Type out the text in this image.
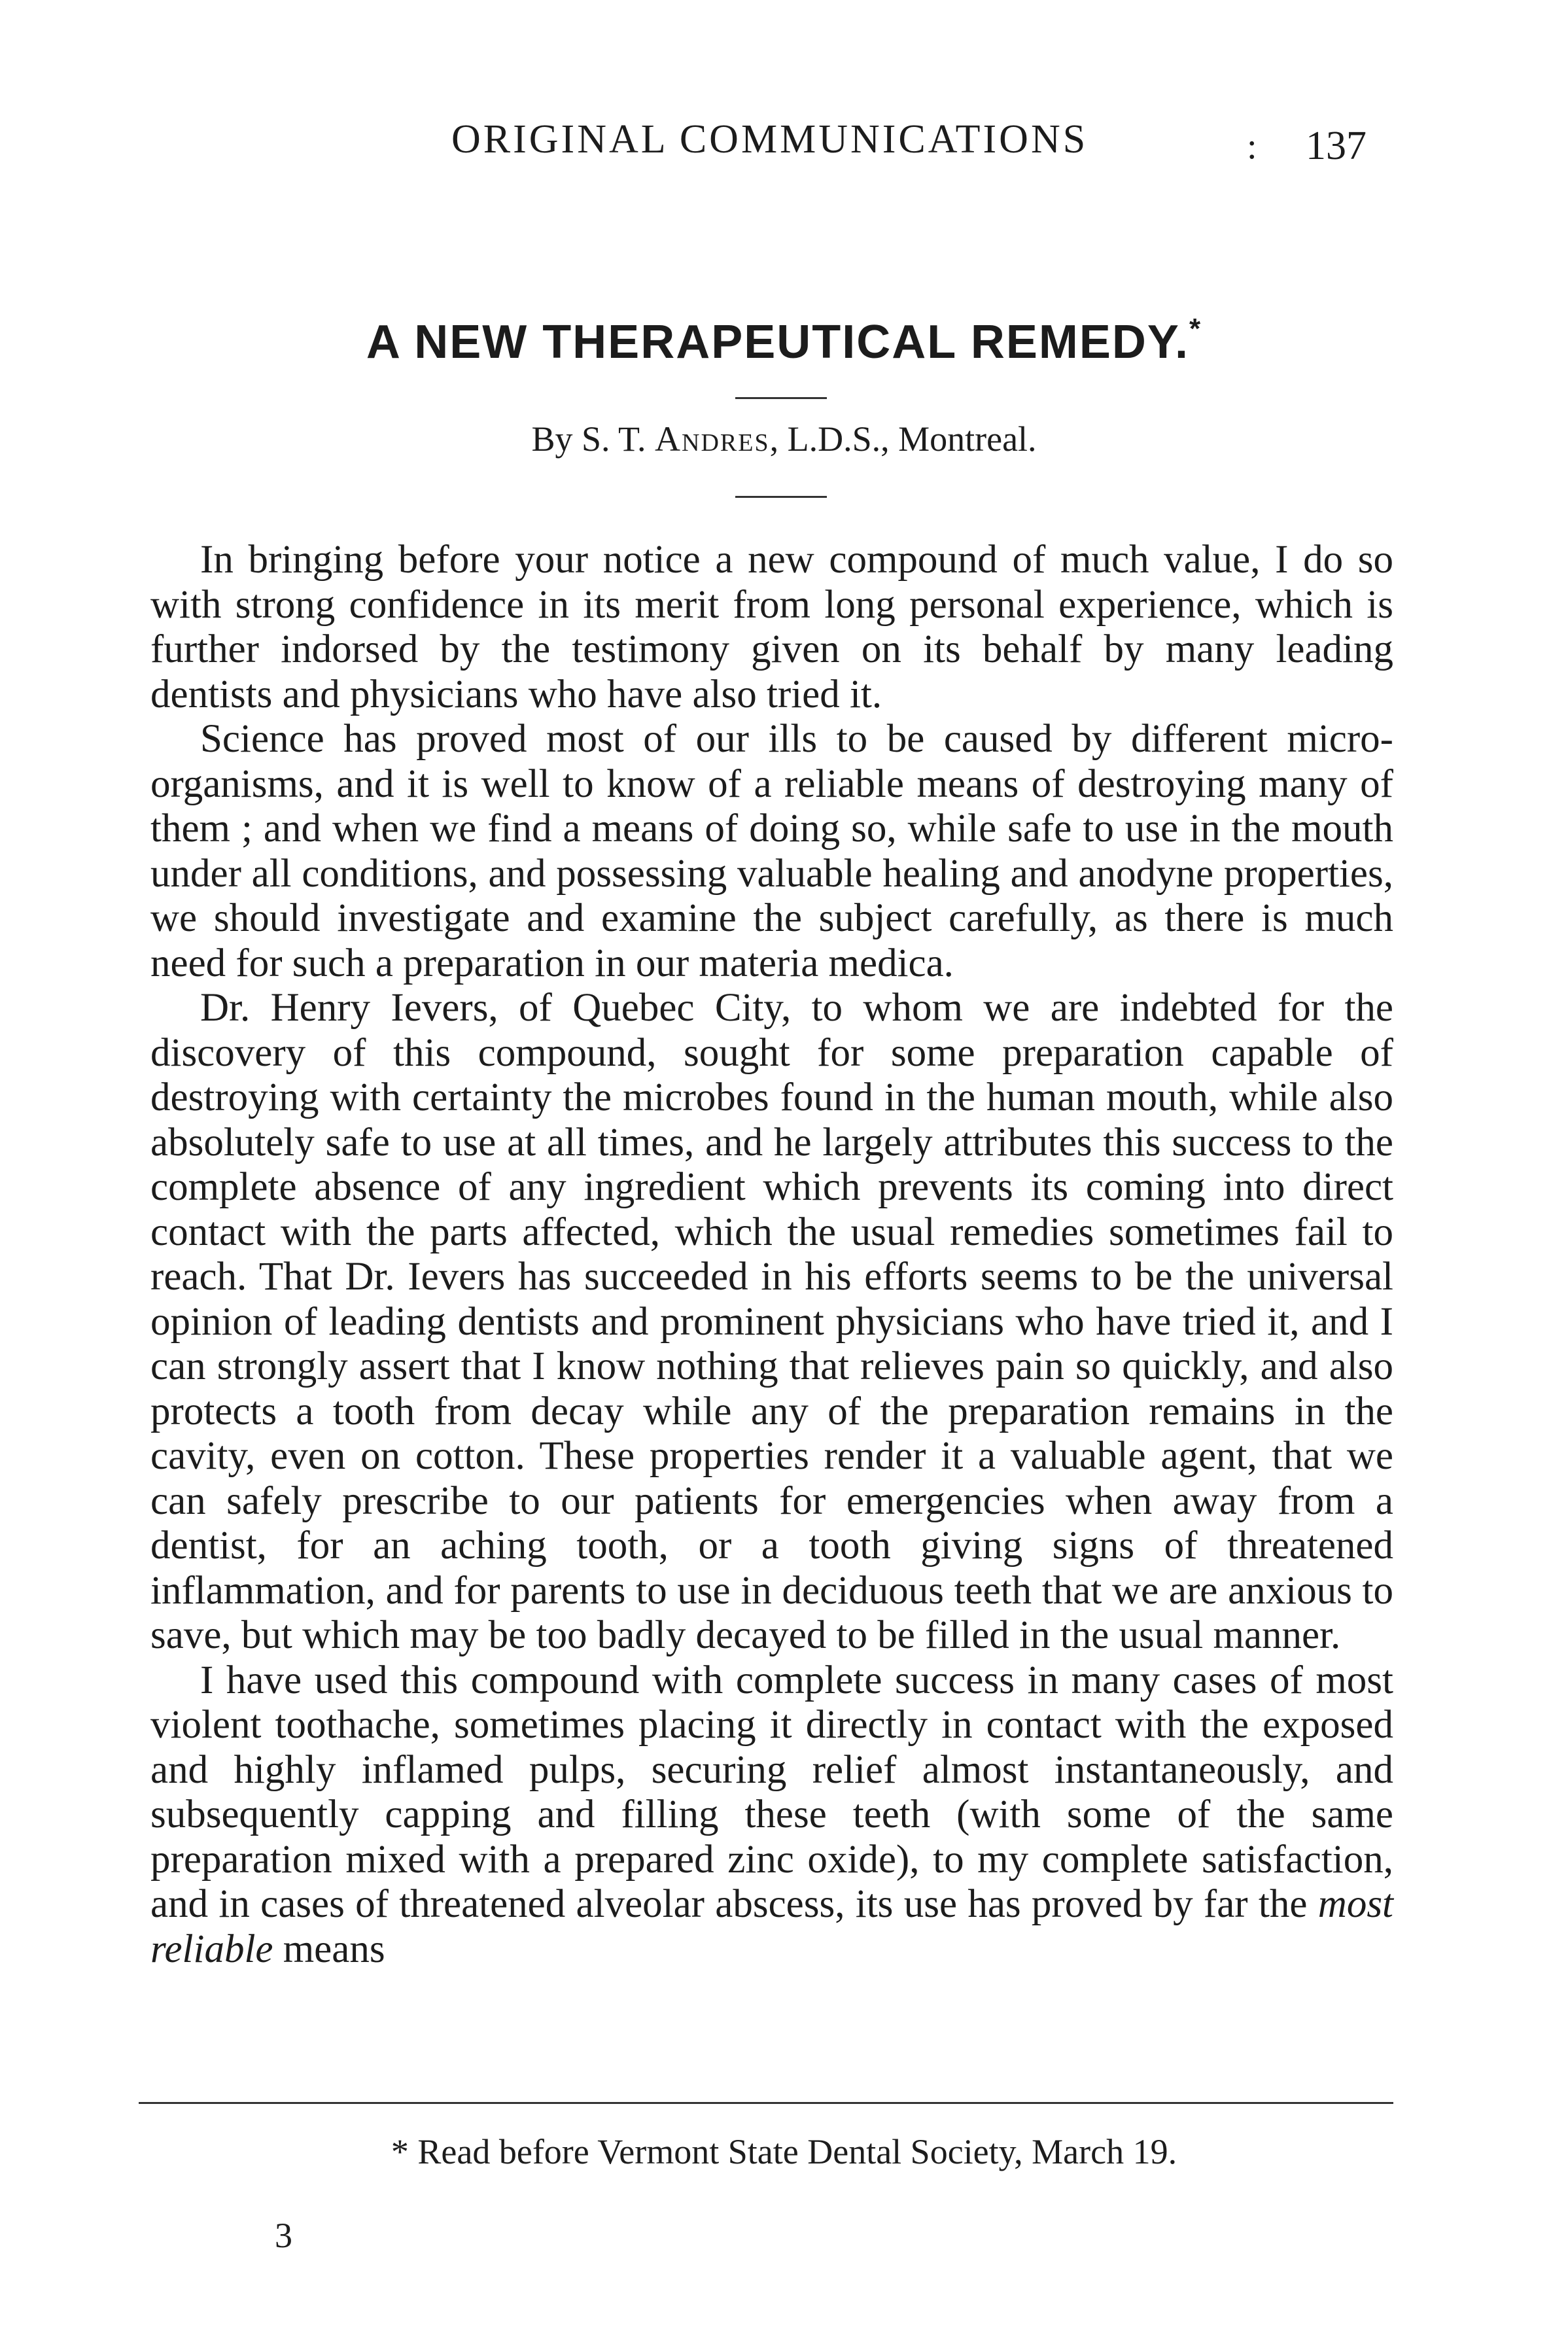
ORIGINAL COMMUNICATIONS	: 137
A NEW THERAPEUTICAL REMEDY.*
By S. T. Andres, L.D.S., Montreal.

In bringing before your notice a new compound of much value, I do so with strong confidence in its merit from long personal experience, which is further indorsed by the testimony given on its behalf by many leading dentists and physicians who have also tried it.

Science has proved most of our ills to be caused by different micro-organisms, and it is well to know of a reliable means of destroying many of them ; and when we find a means of doing so, while safe to use in the mouth under all conditions, and possessing valuable healing and anodyne properties, we should investigate and examine the subject carefully, as there is much need for such a preparation in our materia medica.

Dr. Henry Ievers, of Quebec City, to whom we are indebted for the discovery of this compound, sought for some preparation capable of destroying with certainty the microbes found in the human mouth, while also absolutely safe to use at all times, and he largely attributes this success to the complete absence of any ingredient which prevents its coming into direct contact with the parts affected, which the usual remedies sometimes fail to reach. That Dr. Ievers has succeeded in his efforts seems to be the universal opinion of leading dentists and prominent physicians who have tried it, and I can strongly assert that I know nothing that relieves pain so quickly, and also protects a tooth from decay while any of the preparation remains in the cavity, even on cotton. These properties render it a valuable agent, that we can safely prescribe to our patients for emergencies when away from a dentist, for an aching tooth, or a tooth giving signs of threatened inflammation, and for parents to use in deciduous teeth that we are anxious to save, but which may be too badly decayed to be filled in the usual manner.

I have used this compound with complete success in many cases of most violent toothache, sometimes placing it directly in contact with the exposed and highly inflamed pulps, securing relief almost instantaneously, and subsequently capping and filling these teeth (with some of the same preparation mixed with a prepared zinc oxide), to my complete satisfaction, and in cases of threatened alveolar abscess, its use has proved by far the most reliable means

* Read before Vermont State Dental Society, March 19.
3
